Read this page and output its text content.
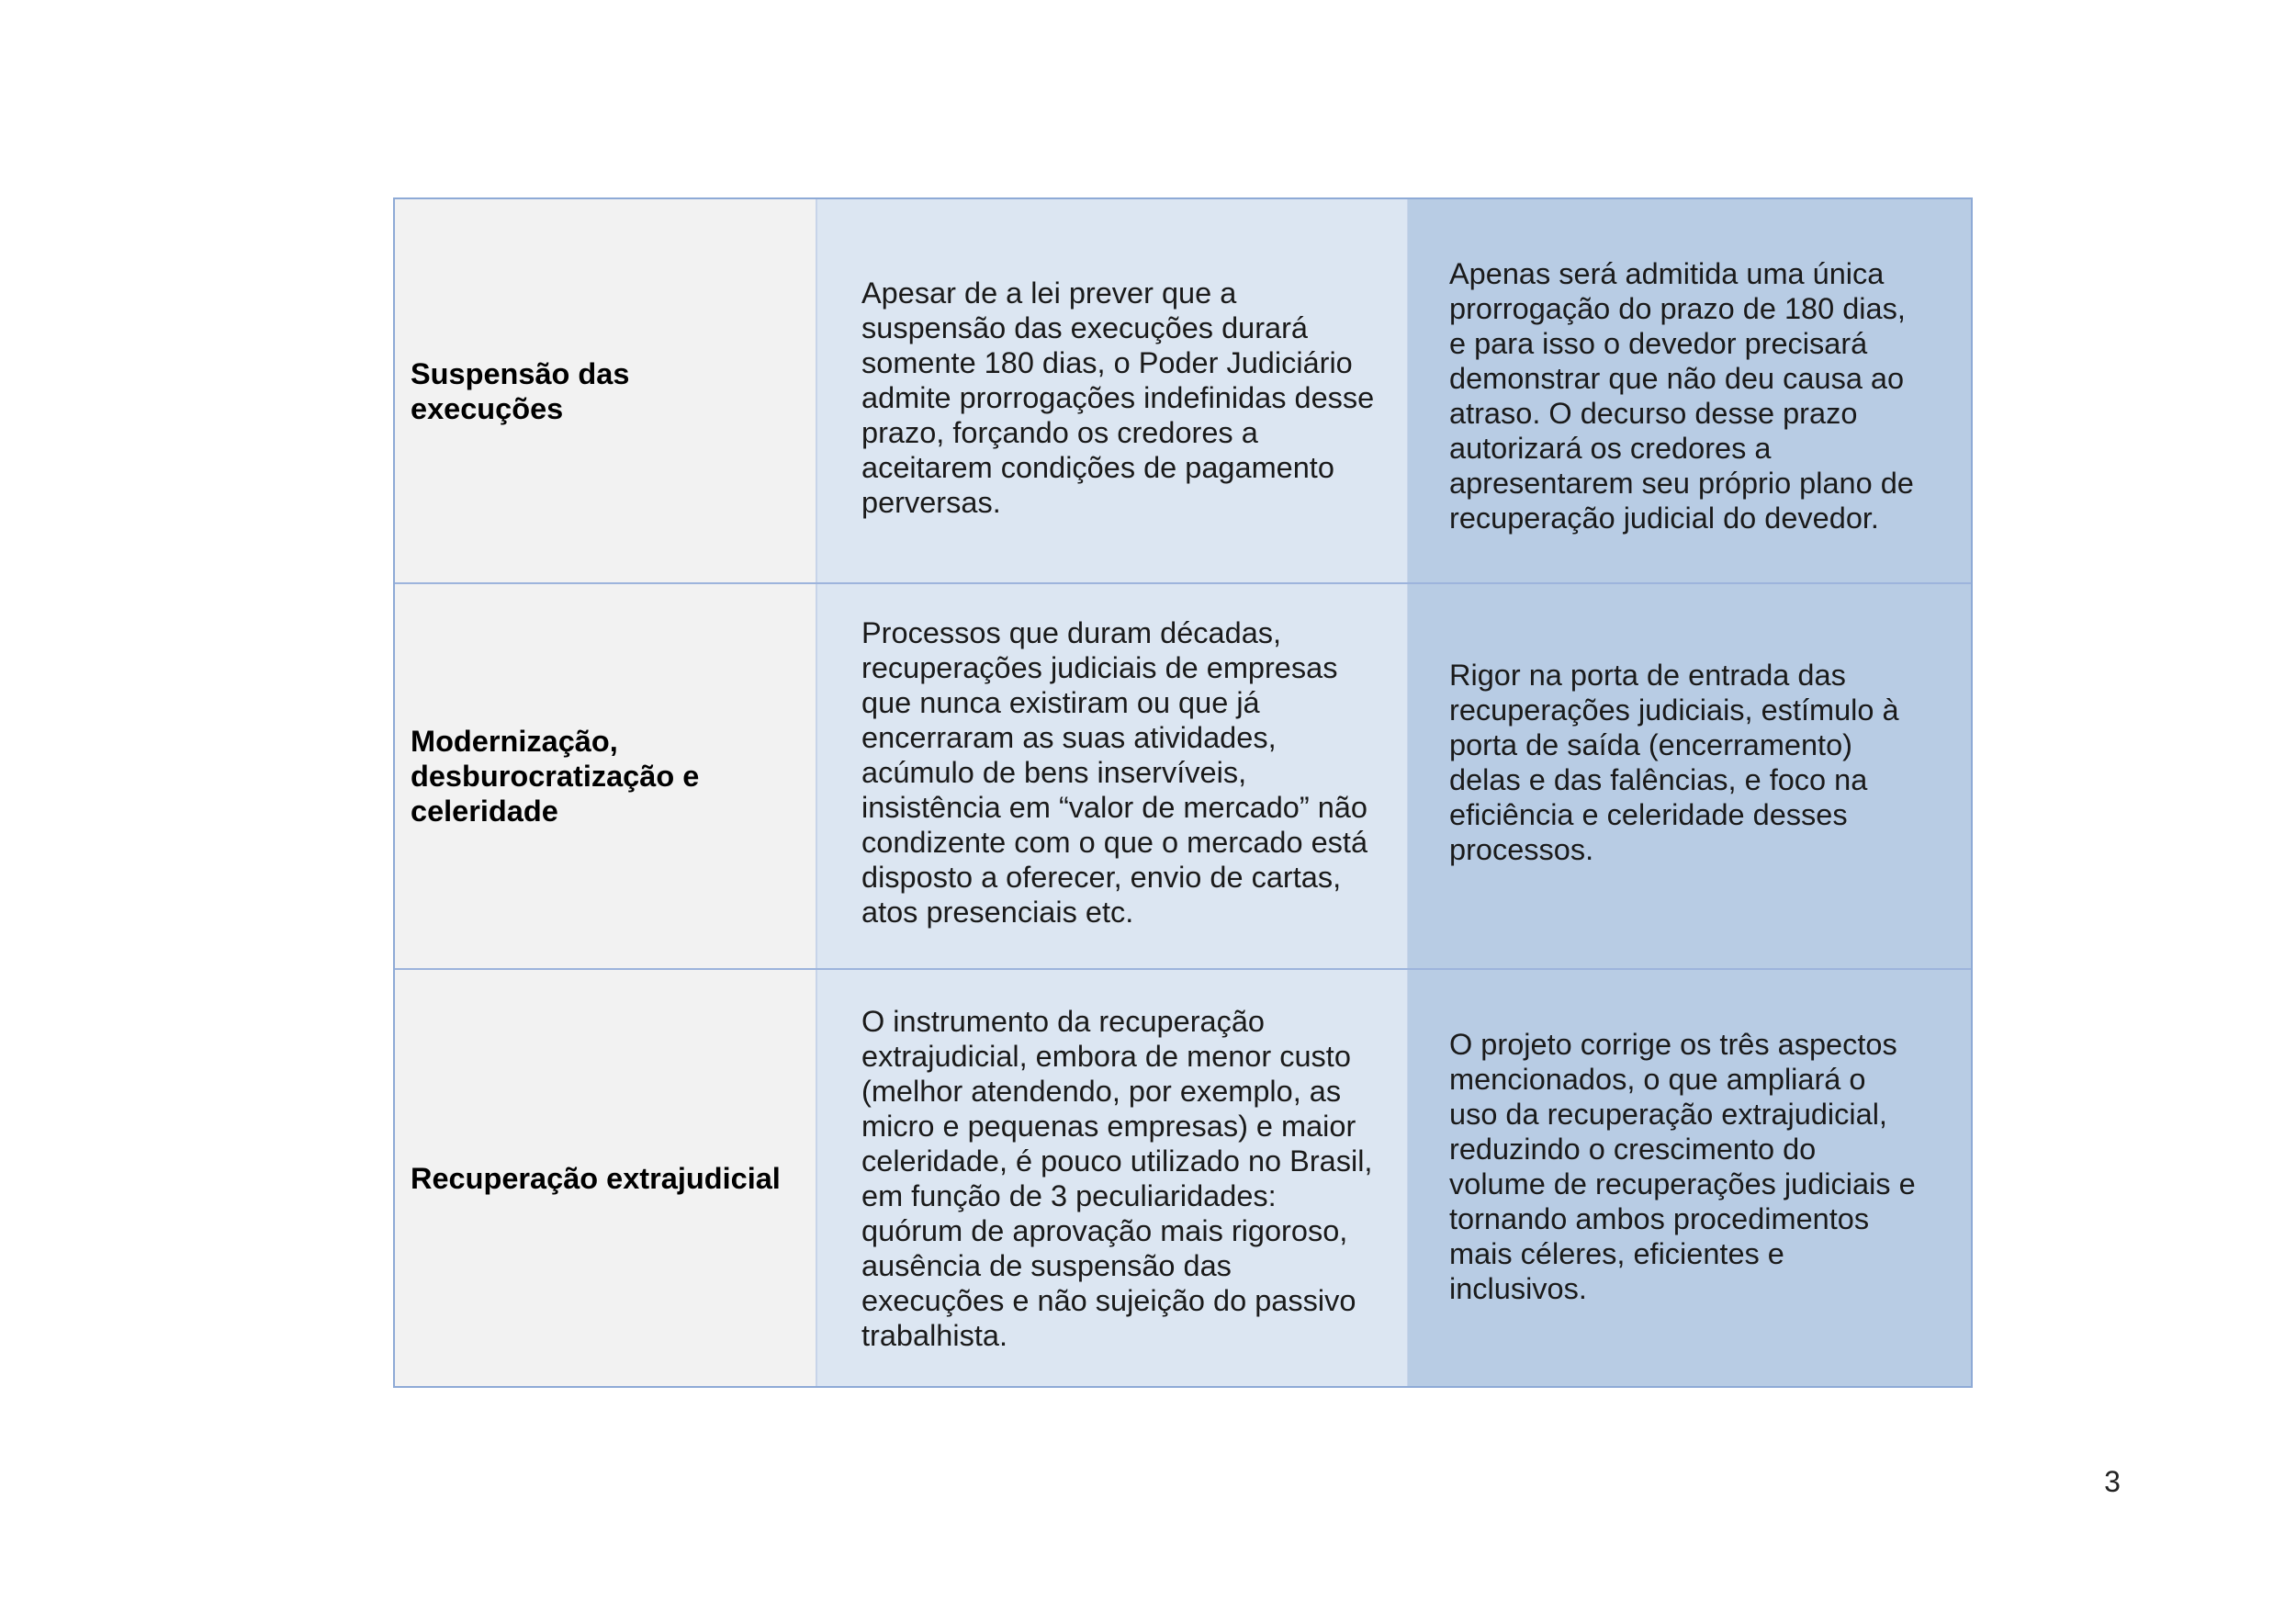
Suspensão das execuções
Apesar de a lei prever que a suspensão das execuções durará somente 180 dias, o Poder Judiciário admite prorrogações indefinidas desse prazo, forçando os credores a aceitarem condições de pagamento perversas.
Apenas será admitida uma única prorrogação do prazo de 180 dias, e para isso o devedor precisará demonstrar que não deu causa ao atraso. O decurso desse prazo autorizará os credores a apresentarem seu próprio plano de recuperação judicial do devedor.
Modernização, desburocratização e celeridade
Processos que duram décadas, recuperações judiciais de empresas que nunca existiram ou que já encerraram as suas atividades, acúmulo de bens inservíveis, insistência em “valor de mercado” não condizente com o que o mercado está disposto a oferecer, envio de cartas, atos presenciais etc.
Rigor na porta de entrada das recuperações judiciais, estímulo à porta de saída (encerramento) delas e das falências, e foco na eficiência e celeridade desses processos.
Recuperação extrajudicial
O instrumento da recuperação extrajudicial, embora de menor custo (melhor atendendo, por exemplo, as micro e pequenas empresas) e maior celeridade, é pouco utilizado no Brasil, em função de 3 peculiaridades: quórum de aprovação mais rigoroso, ausência de suspensão das execuções e não sujeição do passivo trabalhista.
O projeto corrige os três aspectos mencionados, o que ampliará o uso da recuperação extrajudicial, reduzindo o crescimento do volume de recuperações judiciais e tornando ambos procedimentos mais céleres, eficientes e inclusivos.
3
